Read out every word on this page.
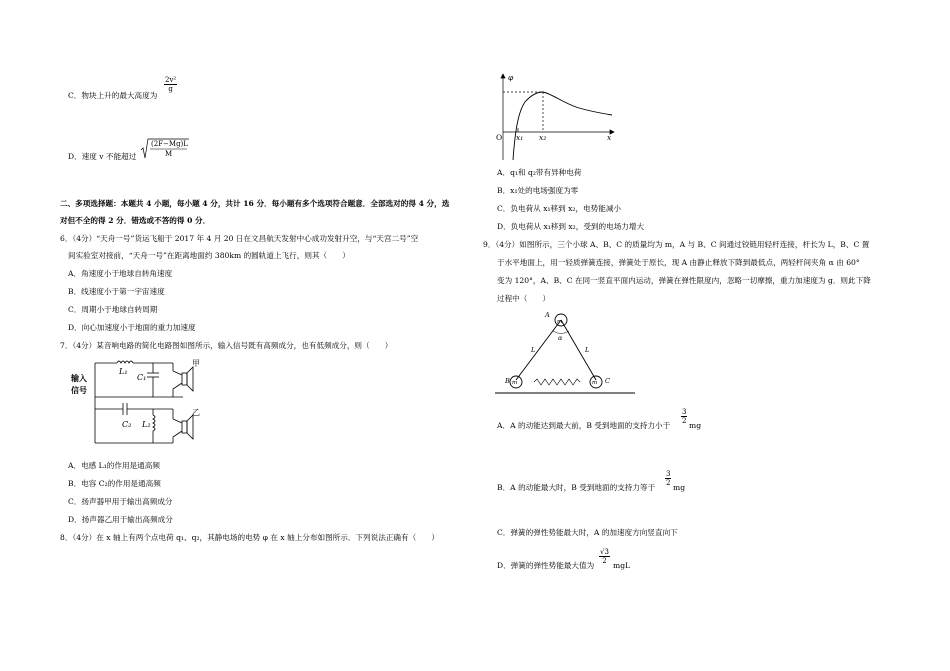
C．物块上升的最大高度为
$\frac{\text{2v²}}{g}$
D．速度 v 不能超过
(2F−Mg)L
M
二、多项选择题：本题共 4 小题，每小题 4 分，共计 16 分．每小题有多个选项符合题意．全部选对的得 4 分，选
对但不全的得 2 分．错选或不答的得 0 分．
6．（4分）“天舟一号”货运飞船于 2017 年 4 月 20 日在文昌航天发射中心成功发射升空，与“天宫二号”空
间实验室对接前，“天舟一号”在距离地面约 380km 的圆轨道上飞行，则其（　　）
A．角速度小于地球自转角速度
B．线速度小于第一宇宙速度
C．周期小于地球自转周期
D．向心加速度小于地面的重力加速度
7．（4分）某音响电路的简化电路图如图所示，输入信号既有高频成分，也有低频成分，则（　　）
输入
信号
L₁
C₁
C₂ L₂
甲
乙
A．电感 L₁的作用是通高频
B．电容 C₂的作用是通高频
C．扬声器甲用于输出高频成分
D．扬声器乙用于输出高频成分
8．（4分）在 x 轴上有两个点电荷 q₁、q₂，其静电场的电势 φ 在 x 轴上分布如图所示．下列说法正确有（　　）
φ
O x₁ x₂	x
A．q₁和 q₂带有异种电荷
B．x₁处的电场强度为零
C．负电荷从 x₁移到 x₂，电势能减小
D．负电荷从 x₁移到 x₂，受到的电场力增大
9．（4分）如图所示，三个小球 A、B、C 的质量均为 m，A 与 B、C 间通过铰链用轻杆连接，杆长为 L，B、C 置
于水平地面上，用一轻质弹簧连接，弹簧处于原长，现 A 由静止释放下降到最低点，两轻杆间夹角 α 由 60°
变为 120°，A、B、C 在同一竖直平面内运动，弹簧在弹性限度内，忽略一切摩擦，重力加速度为 g．则此下降
过程中（　　）
A
B	C
m
m	m
L	L
α
A．A 的动能达到最大前，B 受到地面的支持力小于
$\frac{3}{2}$
mg
B．A 的动能最大时，B 受到地面的支持力等于
$\frac{3}{2}$
mg
C．弹簧的弹性势能最大时，A 的加速度方向竖直向下
D．弹簧的弹性势能最大值为
$\frac{√3}{2}$
mgL
